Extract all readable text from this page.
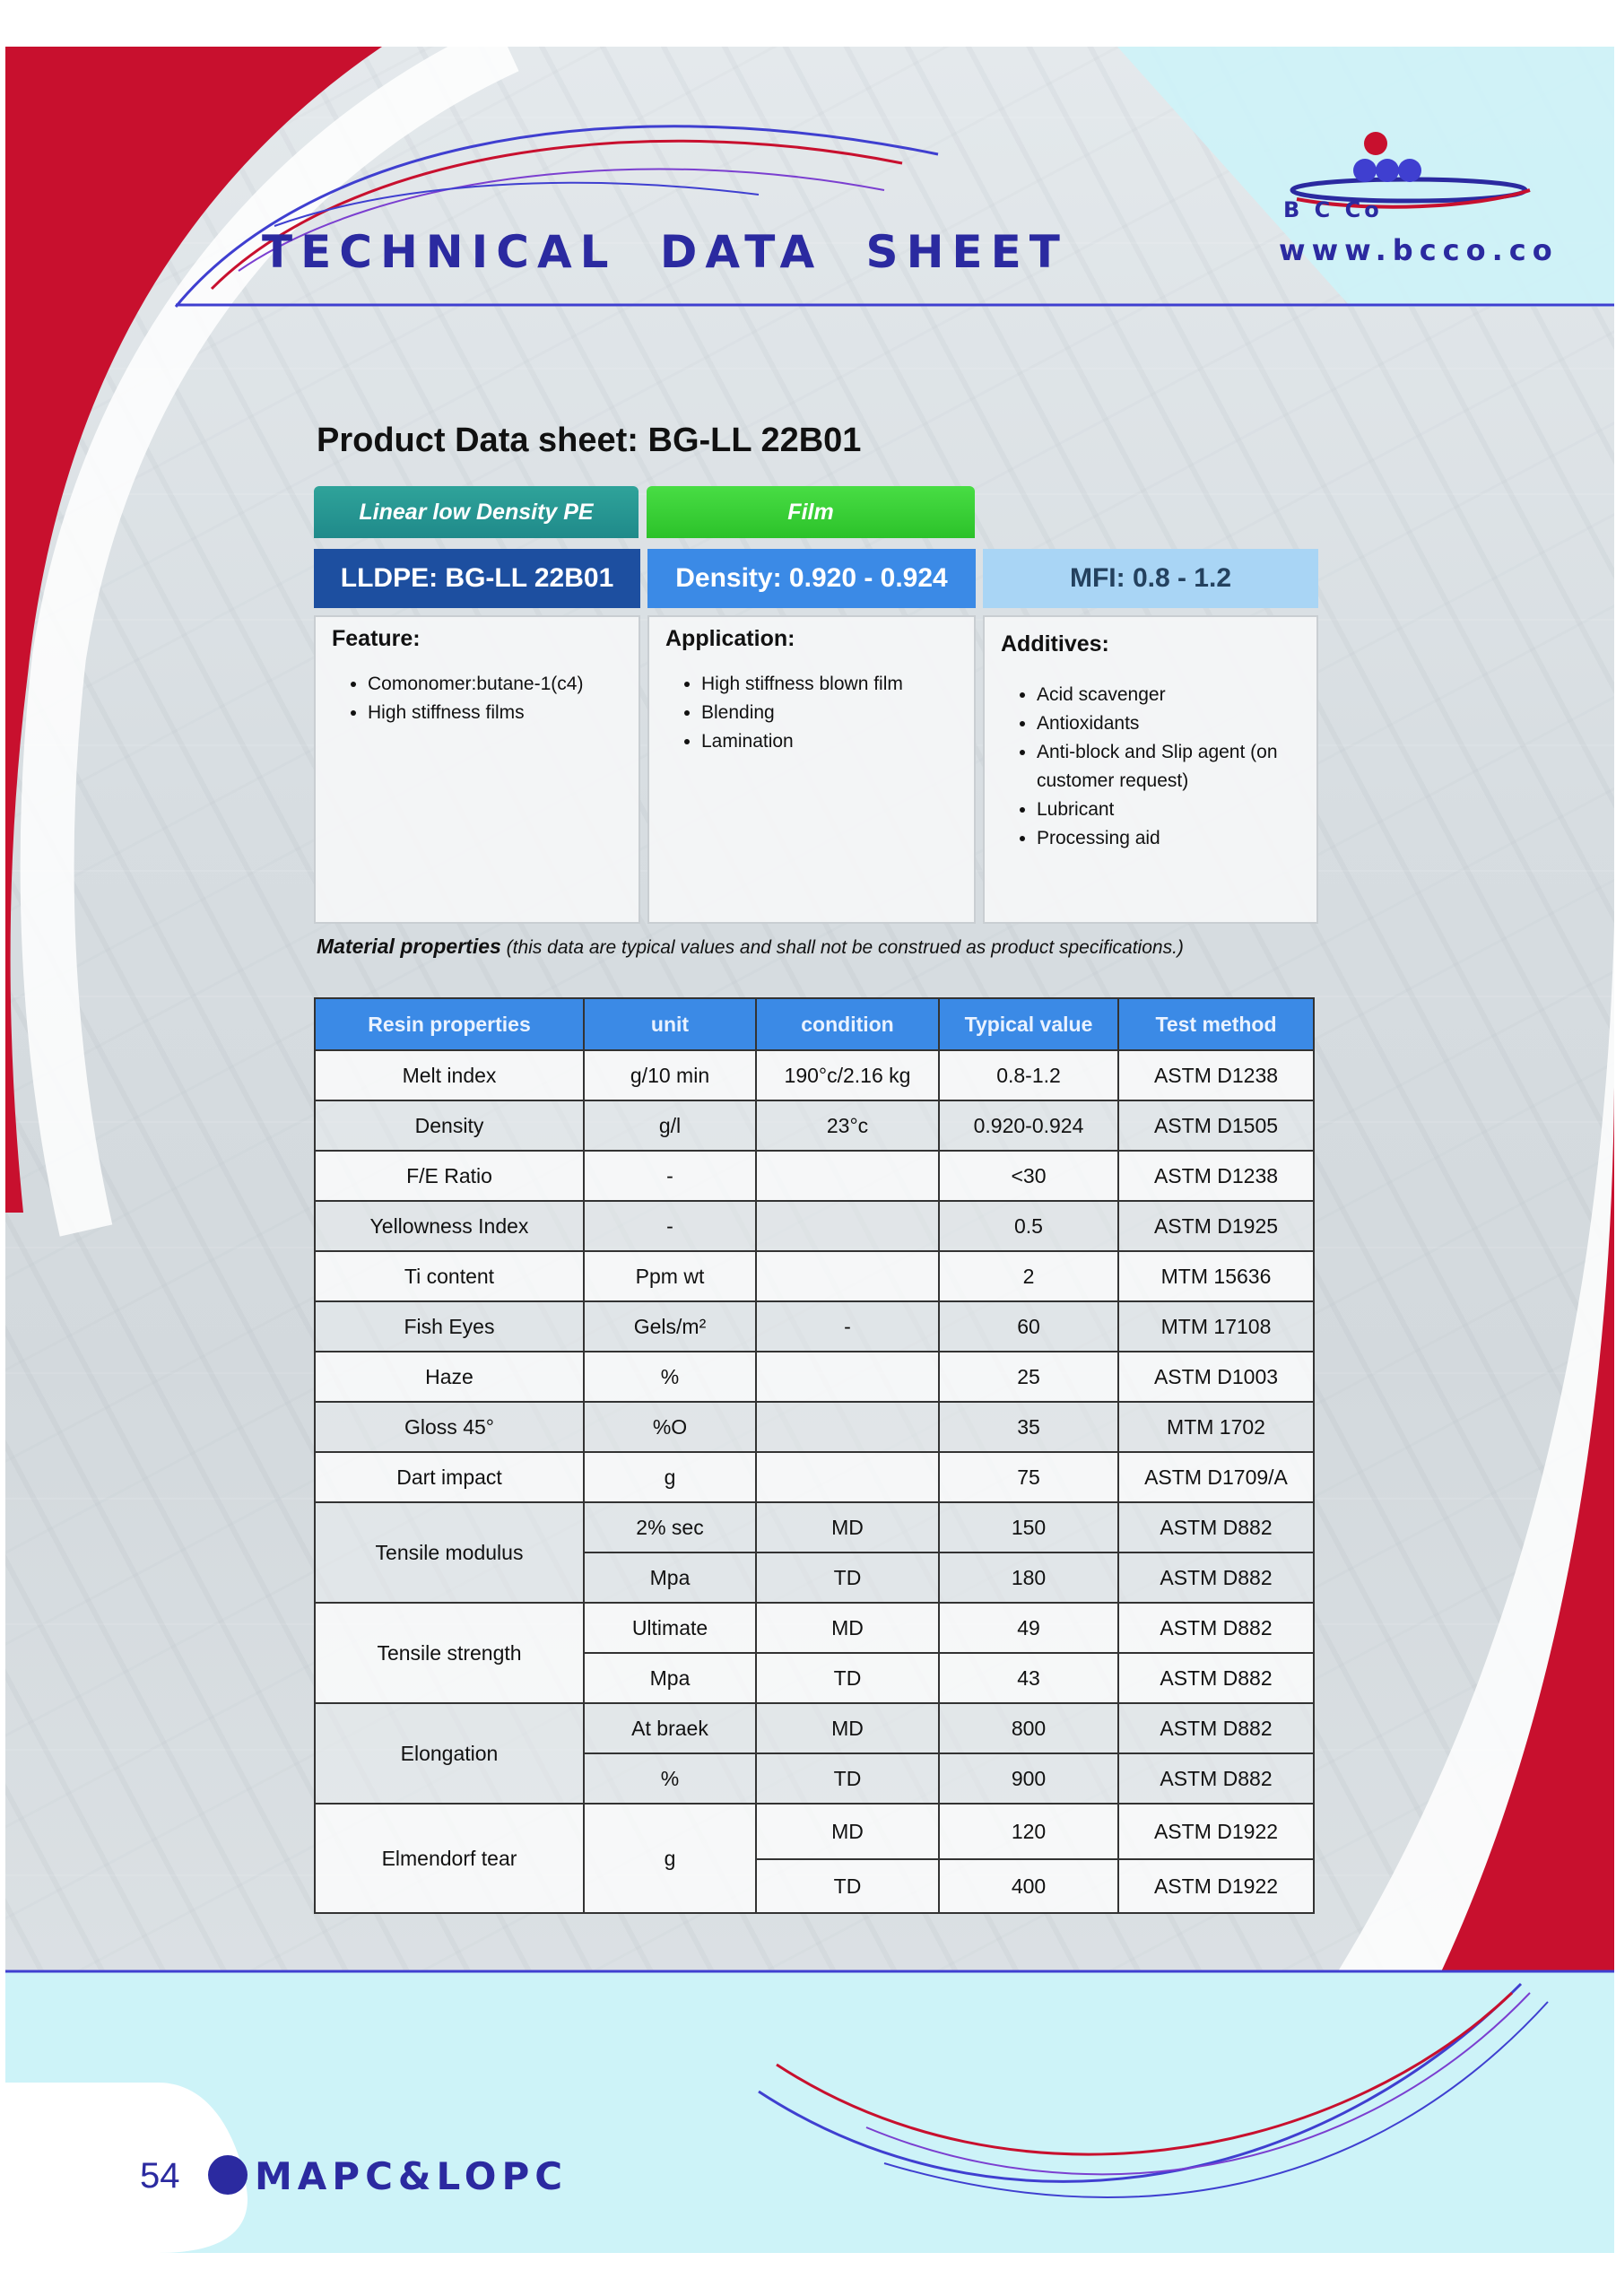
B C Co
www.bcco.co
TECHNICAL DATA SHEET
Product Data sheet: BG-LL 22B01
Linear low Density PE	Film
LLDPE: BG-LL 22B01	Density: 0.920 - 0.924	MFI: 0.8 - 1.2
Feature:
• Comonomer:butane-1(c4)
• High stiffness films
Application:
• High stiffness blown film
• Blending
• Lamination
Additives:
• Acid scavenger
• Antioxidants
• Anti-block and Slip agent (on customer request)
• Lubricant
• Processing aid
Material properties (this data are typical values and shall not be construed as product specifications.)
Resin properties	unit	condition	Typical value	Test method
Melt index	g/10 min	190°c/2.16 kg	0.8-1.2	ASTM D1238
Density	g/l	23°c	0.920-0.924	ASTM D1505
F/E Ratio	-		<30	ASTM D1238
Yellowness Index	-		0.5	ASTM D1925
Ti content	Ppm wt		2	MTM 15636
Fish Eyes	Gels/m²	-	60	MTM 17108
Haze	%		25	ASTM D1003
Gloss 45°	%O		35	MTM 1702
Dart impact	g		75	ASTM D1709/A
Tensile modulus	2% sec	MD	150	ASTM D882
	Mpa	TD	180	ASTM D882
Tensile strength	Ultimate	MD	49	ASTM D882
	Mpa	TD	43	ASTM D882
Elongation	At braek	MD	800	ASTM D882
	%	TD	900	ASTM D882
Elmendorf tear	g	MD	120	ASTM D1922
		TD	400	ASTM D1922
54 MAPC&LOPC
